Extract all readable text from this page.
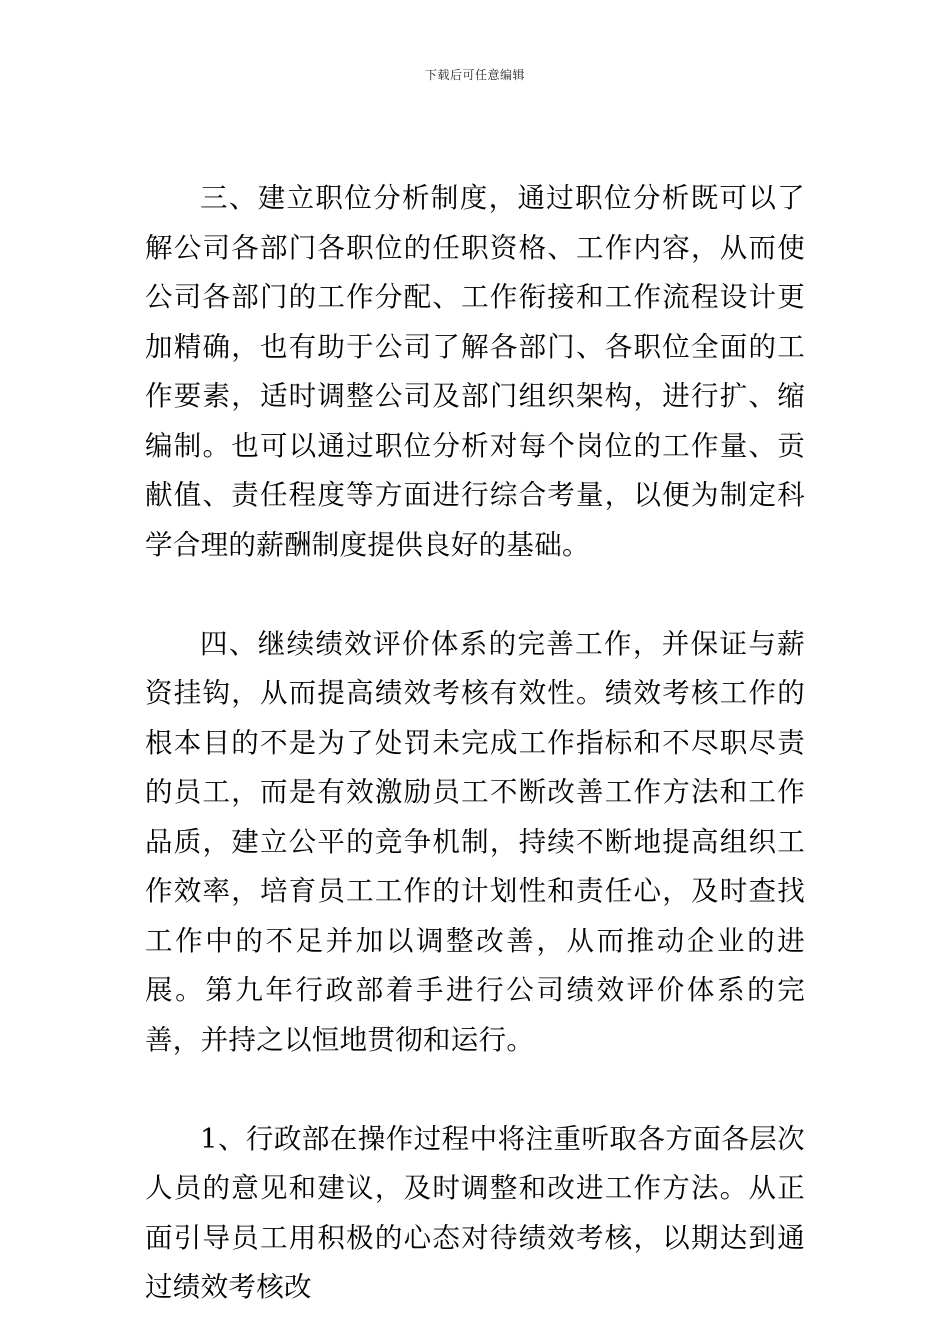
下载后可任意编辑

三、建立职位分析制度，通过职位分析既可以了解公司各部门各职位的任职资格、工作内容，从而使公司各部门的工作分配、工作衔接和工作流程设计更加精确，也有助于公司了解各部门、各职位全面的工作要素，适时调整公司及部门组织架构，进行扩、缩编制。也可以通过职位分析对每个岗位的工作量、贡献值、责任程度等方面进行综合考量，以便为制定科学合理的薪酬制度提供良好的基础。

四、继续绩效评价体系的完善工作，并保证与薪资挂钩，从而提高绩效考核有效性。绩效考核工作的根本目的不是为了处罚未完成工作指标和不尽职尽责的员工，而是有效激励员工不断改善工作方法和工作品质，建立公平的竞争机制，持续不断地提高组织工作效率，培育员工工作的计划性和责任心，及时查找工作中的不足并加以调整改善，从而推动企业的进展。第九年行政部着手进行公司绩效评价体系的完善，并持之以恒地贯彻和运行。

1、行政部在操作过程中将注重听取各方面各层次人员的意见和建议，及时调整和改进工作方法。从正面引导员工用积极的心态对待绩效考核，以期达到通过绩效考核改
